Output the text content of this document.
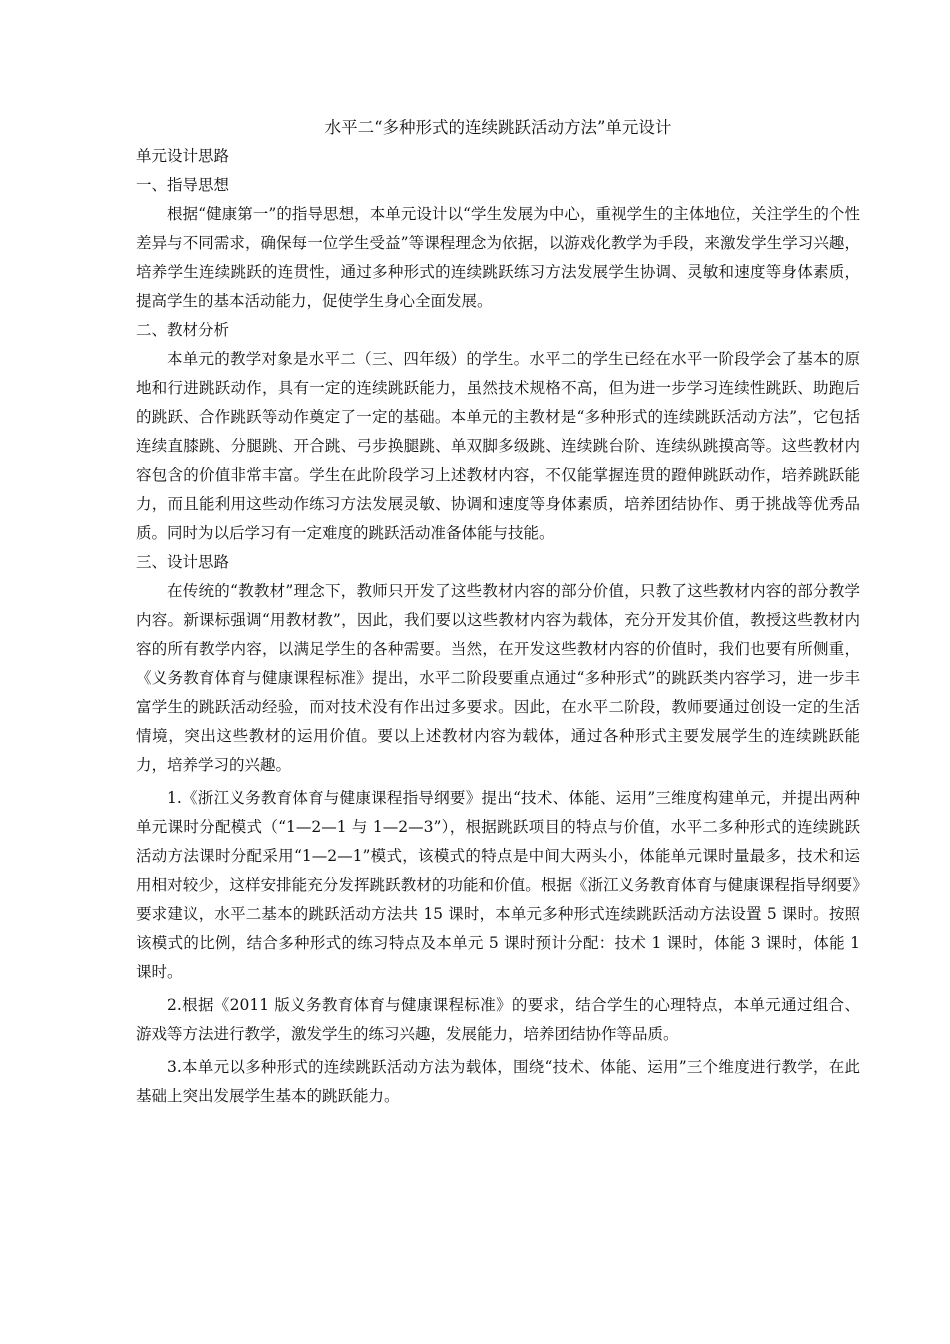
水平二“多种形式的连续跳跃活动方法”单元设计

单元设计思路

一、指导思想

根据“健康第一”的指导思想，本单元设计以“学生发展为中心，重视学生的主体地位，关注学生的个性差异与不同需求，确保每一位学生受益”等课程理念为依据，以游戏化教学为手段，来激发学生学习兴趣，培养学生连续跳跃的连贯性，通过多种形式的连续跳跃练习方法发展学生协调、灵敏和速度等身体素质，提高学生的基本活动能力，促使学生身心全面发展。

二、教材分析

本单元的教学对象是水平二（三、四年级）的学生。水平二的学生已经在水平一阶段学会了基本的原地和行进跳跃动作，具有一定的连续跳跃能力，虽然技术规格不高，但为进一步学习连续性跳跃、助跑后的跳跃、合作跳跃等动作奠定了一定的基础。本单元的主教材是“多种形式的连续跳跃活动方法”，它包括连续直膝跳、分腿跳、开合跳、弓步换腿跳、单双脚多级跳、连续跳台阶、连续纵跳摸高等。这些教材内容包含的价值非常丰富。学生在此阶段学习上述教材内容，不仅能掌握连贯的蹬伸跳跃动作，培养跳跃能力，而且能利用这些动作练习方法发展灵敏、协调和速度等身体素质，培养团结协作、勇于挑战等优秀品质。同时为以后学习有一定难度的跳跃活动准备体能与技能。

三、设计思路

在传统的“教教材”理念下，教师只开发了这些教材内容的部分价值，只教了这些教材内容的部分教学内容。新课标强调“用教材教”，因此，我们要以这些教材内容为载体，充分开发其价值，教授这些教材内容的所有教学内容，以满足学生的各种需要。当然，在开发这些教材内容的价值时，我们也要有所侧重，《义务教育体育与健康课程标准》提出，水平二阶段要重点通过“多种形式”的跳跃类内容学习，进一步丰富学生的跳跃活动经验，而对技术没有作出过多要求。因此，在水平二阶段，教师要通过创设一定的生活情境，突出这些教材的运用价值。要以上述教材内容为载体，通过各种形式主要发展学生的连续跳跃能力，培养学习的兴趣。

1.《浙江义务教育体育与健康课程指导纲要》提出“技术、体能、运用”三维度构建单元，并提出两种单元课时分配模式（“1—2—1 与 1—2—3”），根据跳跃项目的特点与价值，水平二多种形式的连续跳跃活动方法课时分配采用“1—2—1”模式，该模式的特点是中间大两头小，体能单元课时量最多，技术和运用相对较少，这样安排能充分发挥跳跃教材的功能和价值。根据《浙江义务教育体育与健康课程指导纲要》要求建议，水平二基本的跳跃活动方法共 15 课时，本单元多种形式连续跳跃活动方法设置 5 课时。按照该模式的比例，结合多种形式的练习特点及本单元 5 课时预计分配：技术 1 课时，体能 3 课时，体能 1 课时。

2.根据《2011 版义务教育体育与健康课程标准》的要求，结合学生的心理特点，本单元通过组合、游戏等方法进行教学，激发学生的练习兴趣，发展能力，培养团结协作等品质。

3.本单元以多种形式的连续跳跃活动方法为载体，围绕“技术、体能、运用”三个维度进行教学，在此基础上突出发展学生基本的跳跃能力。
